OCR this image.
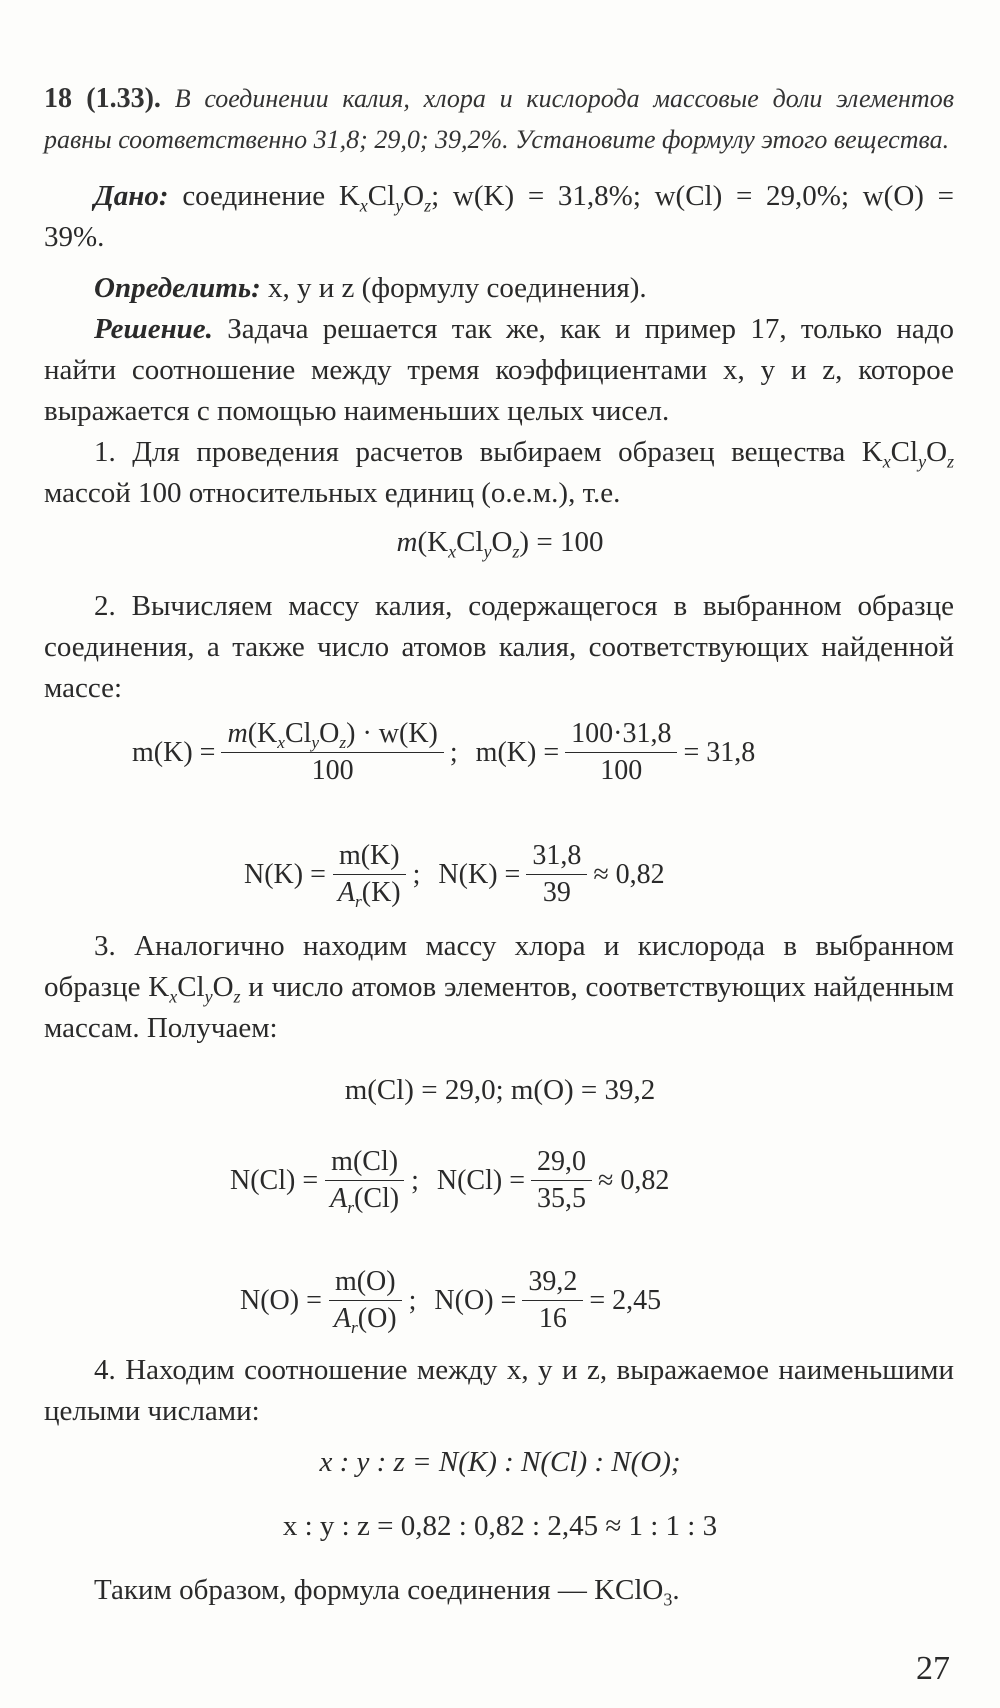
18 (1.33). В соединении калия, хлора и кислорода массовые доли элементов равны соответственно 31,8; 29,0; 39,2%. Установите формулу этого вещества.

Дано: соединение $K_xCl_yO_z$; w(K) = 31,8%; w(Cl) = 29,0%; w(O) = 39%.

Определить: x, y и z (формулу соединения).

Решение. Задача решается так же, как и пример 17, только надо найти соотношение между тремя коэффициентами x, y и z, которое выражается с помощью наименьших целых чисел.

1. Для проведения расчетов выбираем образец вещества $K_xCl_yO_z$ массой 100 относительных единиц (о.е.м.), т.е.

$m(K_xCl_yO_z) = 100$

2. Вычисляем массу калия, содержащегося в выбранном образце соединения, а также число атомов калия, соответствующих найденной массе:

$m(K) = \frac{m(K_xCl_yO_z) \cdot w(K)}{100}$ ; $m(K) = \frac{100\cdot 31,8}{100} = 31,8$
$N(K) = \frac{m(K)}{A_r(K)}$ ; $N(K) = \frac{31,8}{39} \approx 0,82$

3. Аналогично находим массу хлора и кислорода в выбранном образце $K_xCl_yO_z$ и число атомов элементов, соответствующих найденным массам. Получаем:

m(Cl) = 29,0; m(O) = 39,2
$N(Cl) = \frac{m(Cl)}{A_r(Cl)}$ ; $N(Cl) = \frac{29,0}{35,5} \approx 0,82$
$N(O) = \frac{m(O)}{A_r(O)}$ ; $N(O) = \frac{39,2}{16} = 2,45$

4. Находим соотношение между x, y и z, выражаемое наименьшими целыми числами:

x : y : z = N(K) : N(Cl) : N(O);
x : y : z = 0,82 : 0,82 : 2,45 ≈ 1 : 1 : 3

Таким образом, формула соединения — KClO$_3$.

27
